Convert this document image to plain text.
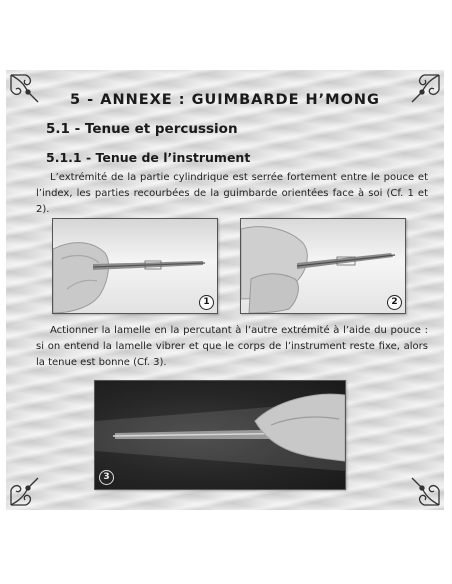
5 - ANNEXE : GUIMBARDE H’MONG
5.1 - Tenue et percussion
5.1.1 - Tenue de l’instrument

L’extrémité de la partie cylindrique est serrée fortement entre le pouce et l’index, les parties recourbées de la guimbarde orientées face à soi (Cf. 1 et 2).

1	2

Actionner la lamelle en la percutant à l’autre extrémité à l’aide du pouce : si on entend la lamelle vibrer et que le corps de l’instrument reste fixe, alors la tenue est bonne (Cf. 3).

3
